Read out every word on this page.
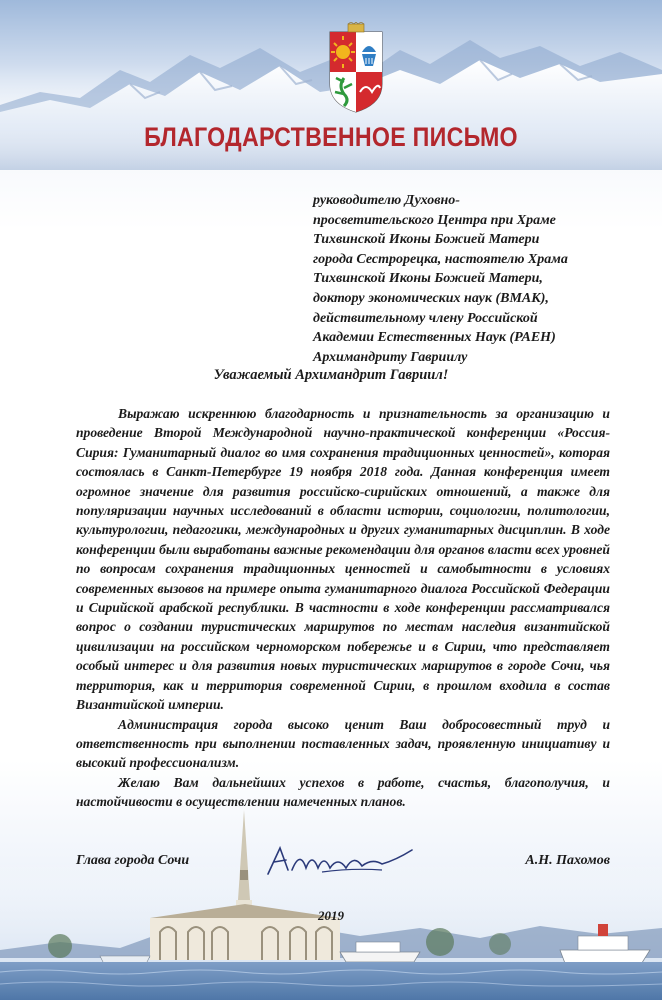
БЛАГОДАРСТВЕННОЕ ПИСЬМО
руководителю Духовно-
просветительского Центра при Храме
Тихвинской Иконы Божией Матери
города Сестрорецка, настоятелю Храма
Тихвинской Иконы Божией Матери,
доктору экономических наук (ВМАК),
действительному члену Российской
Академии Естественных Наук (РАЕН)
Архимандриту Гавриилу
Уважаемый Архимандрит Гавриил!

Выражаю искреннюю благодарность и признательность за организацию и проведение Второй Международной научно-практической конференции «Россия-Сирия: Гуманитарный диалог во имя сохранения традиционных ценностей», которая состоялась в Санкт-Петербурге 19 ноября 2018 года. Данная конференция имеет огромное значение для развития российско-сирийских отношений, а также для популяризации научных исследований в области истории, социологии, политологии, культурологии, педагогики, международных и других гуманитарных дисциплин. В ходе конференции были выработаны важные рекомендации для органов власти всех уровней по вопросам сохранения традиционных ценностей и самобытности в условиях современных вызовов на примере опыта гуманитарного диалога Российской Федерации и Сирийской арабской республики. В частности в ходе конференции рассматривался вопрос о создании туристических маршрутов по местам наследия византийской цивилизации на российском черноморском побережье и в Сирии, что представляет особый интерес и для развития новых туристических маршрутов в городе Сочи, чья территория, как и территория современной Сирии, в прошлом входила в состав Византийской империи.

Администрация города высоко ценит Ваш добросовестный труд и ответственность при выполнении поставленных задач, проявленную инициативу и высокий профессионализм.

Желаю Вам дальнейших успехов в работе, счастья, благополучия, и настойчивости в осуществлении намеченных планов.

Глава города Сочи	А.Н. Пахомов
2019
